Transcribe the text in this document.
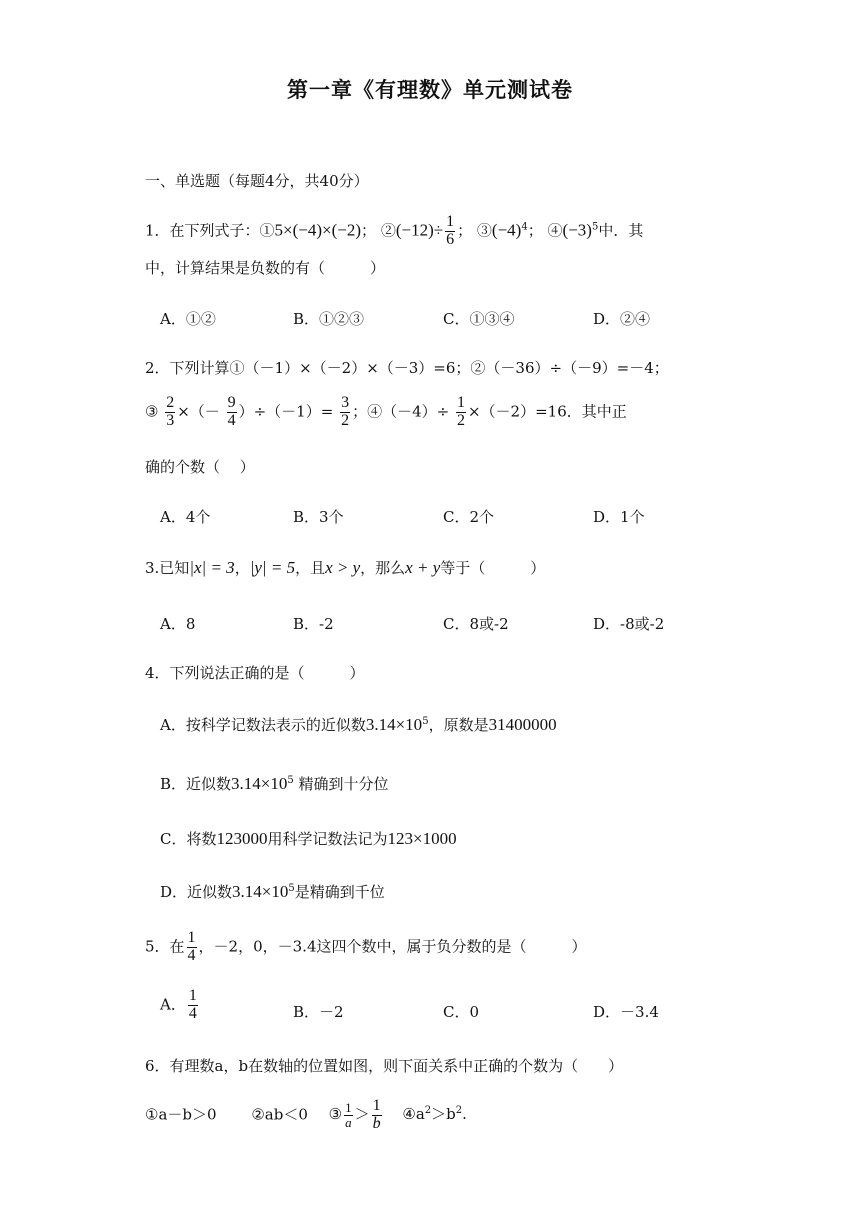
第一章《有理数》单元测试卷
一、单选题（每题4分，共40分）
1．在下列式子：①5×(−4)×(−2)； ②(−12)÷ $\frac{1}{6}$ ； $③(-4)^4$； $④(-3)^5$中．其
中，计算结果是负数的有（　　　）
A．①②	B．①②③	C．①③④	D．②④
2．下列计算①（－1）×（－2）×（－3）=6；②（－36）÷（－9）=－4；
③ $\frac{2}{3}$ ×（－ $\frac{9}{4} )\div(-1)= \frac{3}{2}$ ；④（－4）÷ $\frac{1}{2} \times(-2)=16$．其中正
确的个数（　 ）
A．4个	B．3个	C．2个	D．1个
3.已知|x| = 3，|y| = 5，且x > y，那么x + y等于（　　　）
A．8	B．-2	C．8或-2	D．-8或-2
4．下列说法正确的是（　　　）
A．按科学记数法表示的近似数$3.14\times 10^5$，原数是31400000
B．近似数$3.14\times 10^5$ 精确到十分位
C．将数123000用科学记数法记为123×1000
D．近似数$3.14\times 10^5$是精确到千位
5．在 $\frac{1}{4}$ ，－2，0，－3.4这四个数中，属于负分数的是（　　　）
A． $\frac{1}{4}$	B．－2	C．0	D．－3.4
6．有理数a，b在数轴的位置如图，则下面关系中正确的个数为（　　）
①a－b＞0 ②ab＜0 ③ $\frac{1}{a} > \frac{1}{b}$ $④a^2>b^2$.
